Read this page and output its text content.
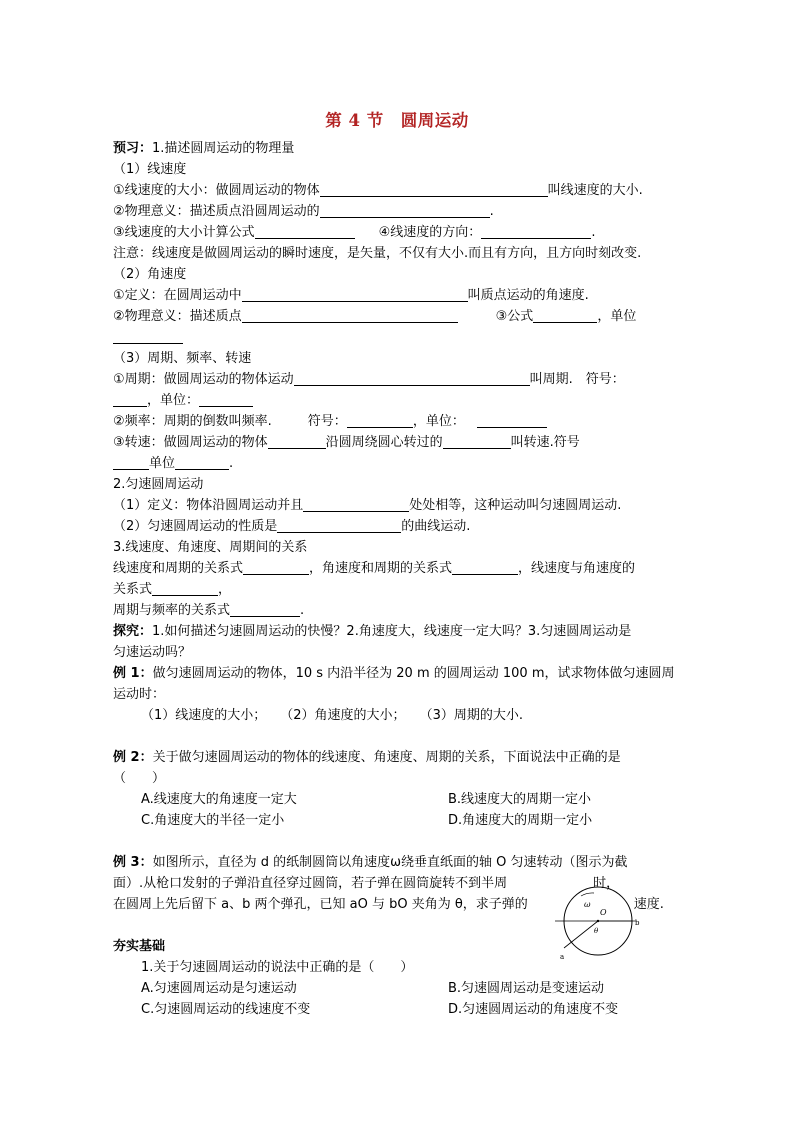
第 4 节　圆周运动
预习：1.描述圆周运动的物理量
（1）线速度
①线速度的大小：做圆周运动的物体	叫线速度的大小.
②物理意义：描述质点沿圆周运动的	.
③线速度的大小计算公式	④线速度的方向：	.
注意：线速度是做圆周运动的瞬时速度，是矢量，不仅有大小.而且有方向，且方向时刻改变.
（2）角速度
①定义：在圆周运动中	叫质点运动的角速度.
②物理意义：描述质点	③公式	，单位
（3）周期、频率、转速
①周期：做圆周运动的物体运动	叫周期.　符号：
，单位：
②频率：周期的倒数叫频率.	符号：	，单位：
③转速：做圆周运动的物体	沿圆周绕圆心转过的	叫转速.符号
单位	.
2.匀速圆周运动
（1）定义：物体沿圆周运动并且	处处相等，这种运动叫匀速圆周运动.
（2）匀速圆周运动的性质是	的曲线运动.
3.线速度、角速度、周期间的关系
线速度和周期的关系式	，角速度和周期的关系式	，线速度与角速度的
关系式	，
周期与频率的关系式	.
探究：1.如何描述匀速圆周运动的快慢？2.角速度大，线速度一定大吗？3.匀速圆周运动是
匀速运动吗？
例 1：做匀速圆周运动的物体，10 s 内沿半径为 20 m 的圆周运动 100 m，试求物体做匀速圆周
运动时：
（1）线速度的大小； （2）角速度的大小； （3）周期的大小.
例 2：关于做匀速圆周运动的物体的线速度、角速度、周期的关系，下面说法中正确的是
（　　）
A.线速度大的角速度一定大	B.线速度大的周期一定小
C.角速度大的半径一定小	D.角速度大的周期一定小
例 3：如图所示，直径为 d 的纸制圆筒以角速度ω绕垂直纸面的轴 O 匀速转动（图示为截
面）.从枪口发射的子弹沿直径穿过圆筒，若子弹在圆筒旋转不到半周	时，
在圆周上先后留下 a、b 两个弹孔，已知 aO 与 bO 夹角为 θ，求子弹的	速度.
夯实基础
1.关于匀速圆周运动的说法中正确的是（　　）
A.匀速圆周运动是匀速运动	B.匀速圆周运动是变速运动
C.匀速圆周运动的线速度不变	D.匀速圆周运动的角速度不变
ω
O
θ
a
b
